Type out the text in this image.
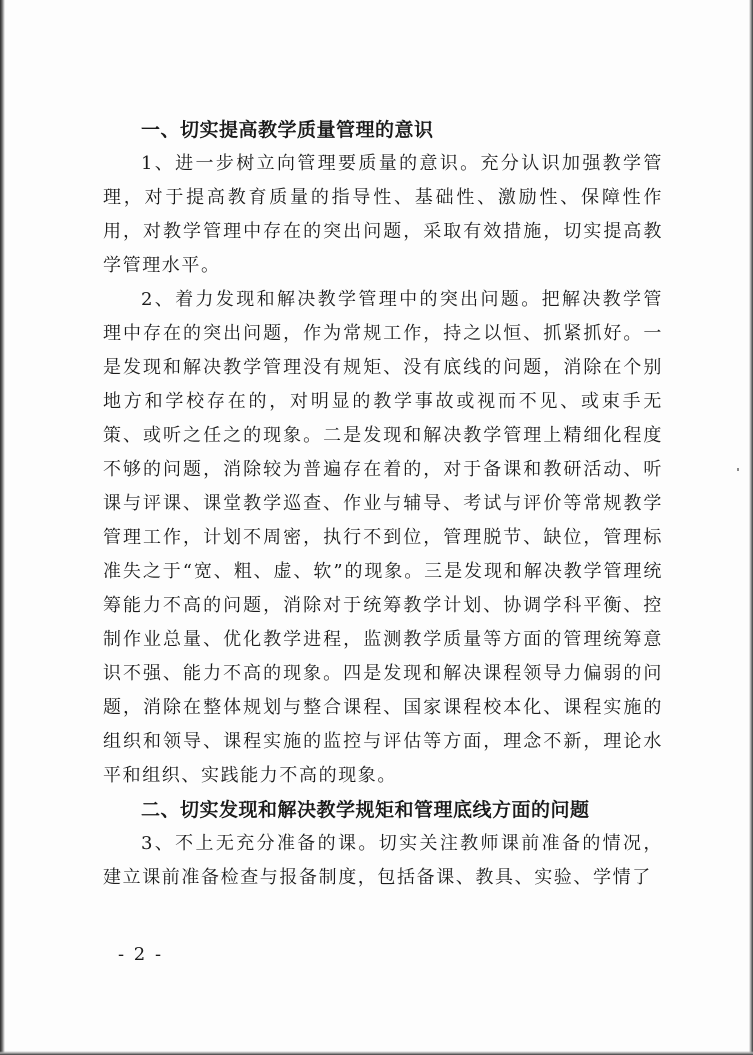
一、切实提高教学质量管理的意识

1、进一步树立向管理要质量的意识。充分认识加强教学管理，对于提高教育质量的指导性、基础性、激励性、保障性作用，对教学管理中存在的突出问题，采取有效措施，切实提高教学管理水平。

2、着力发现和解决教学管理中的突出问题。把解决教学管理中存在的突出问题，作为常规工作，持之以恒、抓紧抓好。一是发现和解决教学管理没有规矩、没有底线的问题，消除在个别地方和学校存在的，对明显的教学事故或视而不见、或束手无策、或听之任之的现象。二是发现和解决教学管理上精细化程度不够的问题，消除较为普遍存在着的，对于备课和教研活动、听课与评课、课堂教学巡查、作业与辅导、考试与评价等常规教学管理工作，计划不周密，执行不到位，管理脱节、缺位，管理标准失之于“宽、粗、虚、软”的现象。三是发现和解决教学管理统筹能力不高的问题，消除对于统筹教学计划、协调学科平衡、控制作业总量、优化教学进程，监测教学质量等方面的管理统筹意识不强、能力不高的现象。四是发现和解决课程领导力偏弱的问题，消除在整体规划与整合课程、国家课程校本化、课程实施的组织和领导、课程实施的监控与评估等方面，理念不新，理论水平和组织、实践能力不高的现象。

二、切实发现和解决教学规矩和管理底线方面的问题

3、不上无充分准备的课。切实关注教师课前准备的情况，建立课前准备检查与报备制度，包括备课、教具、实验、学情了

- 2 -
